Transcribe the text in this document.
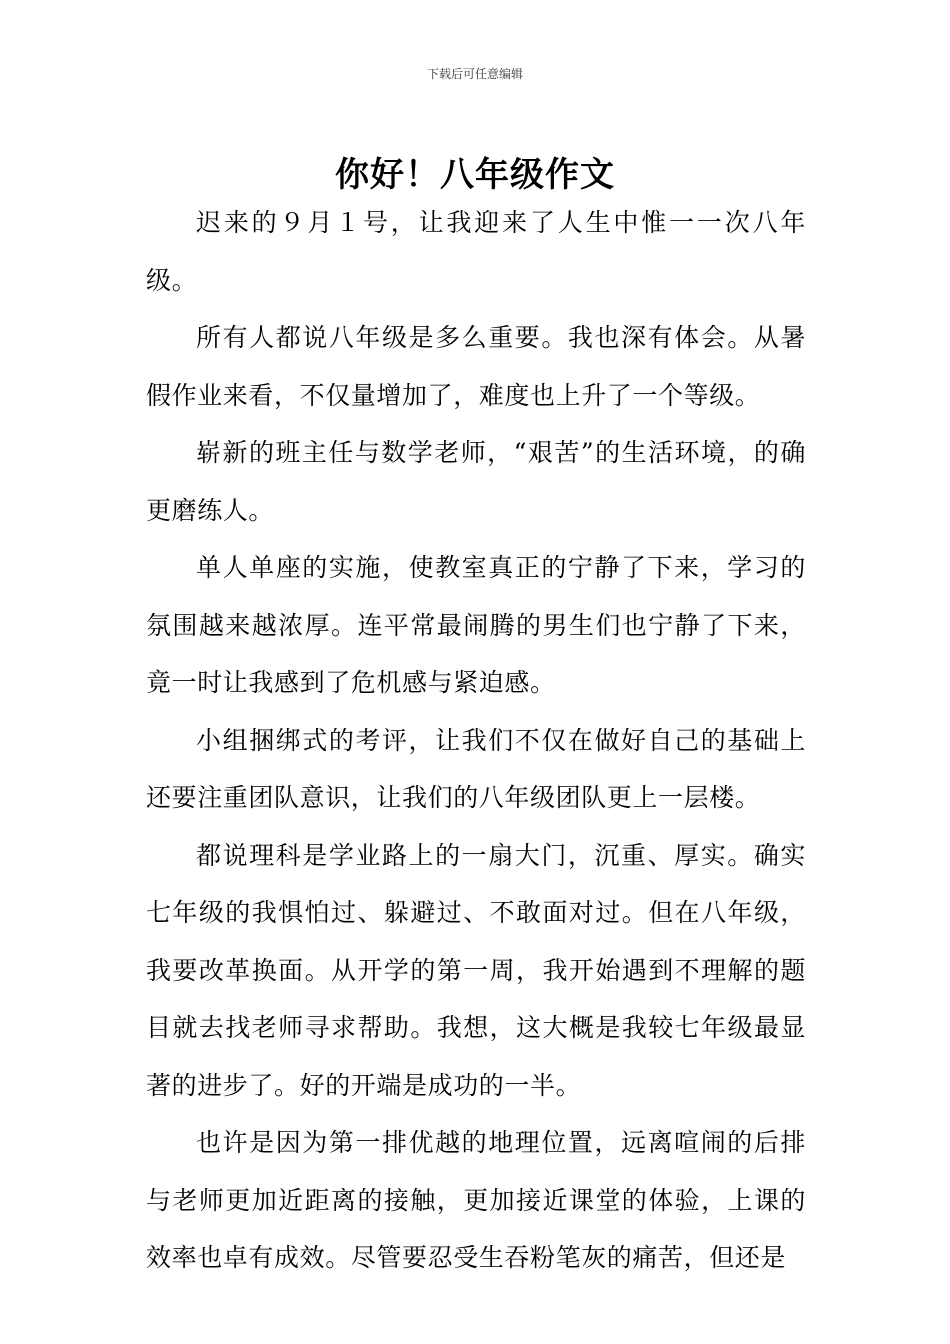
下载后可任意编辑
你好！八年级作文

迟来的９月１号，让我迎来了人生中惟一一次八年级。

所有人都说八年级是多么重要。我也深有体会。从暑假作业来看，不仅量增加了，难度也上升了一个等级。

崭新的班主任与数学老师，“艰苦”的生活环境，的确更磨练人。

单人单座的实施，使教室真正的宁静了下来，学习的氛围越来越浓厚。连平常最闹腾的男生们也宁静了下来，竟一时让我感到了危机感与紧迫感。

小组捆绑式的考评，让我们不仅在做好自己的基础上还要注重团队意识，让我们的八年级团队更上一层楼。

都说理科是学业路上的一扇大门，沉重、厚实。确实七年级的我惧怕过、躲避过、不敢面对过。但在八年级，我要改革换面。从开学的第一周，我开始遇到不理解的题目就去找老师寻求帮助。我想，这大概是我较七年级最显著的进步了。好的开端是成功的一半。

也许是因为第一排优越的地理位置，远离喧闹的后排与老师更加近距离的接触，更加接近课堂的体验，上课的效率也卓有成效。尽管要忍受生吞粉笔灰的痛苦，但还是
